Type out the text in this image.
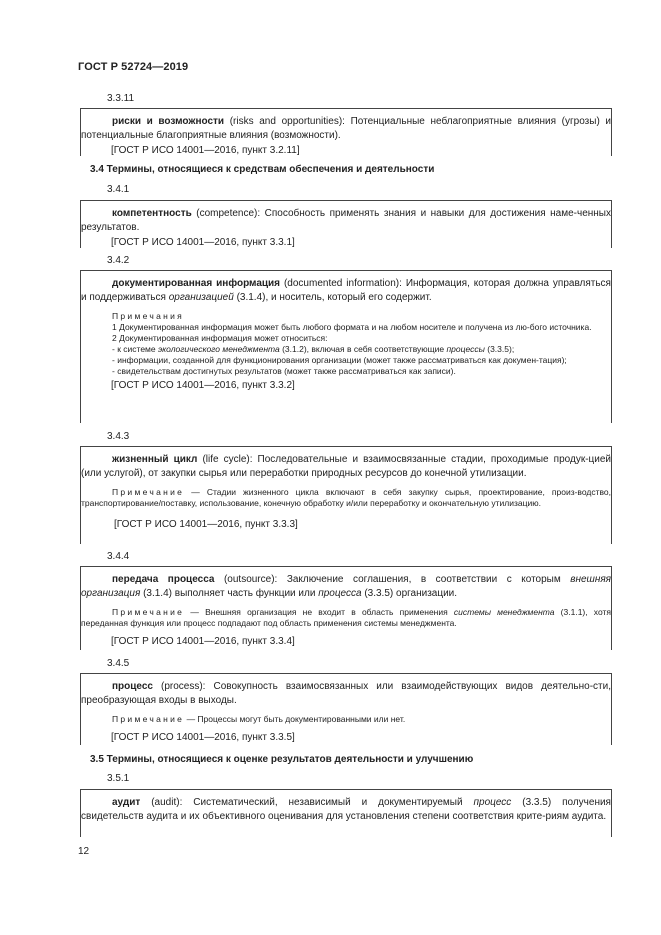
ГОСТ Р 52724—2019
3.3.11

риски и возможности (risks and opportunities): Потенциальные неблагоприятные влияния (угрозы) и потенциальные благоприятные влияния (возможности).

[ГОСТ Р ИСО 14001—2016, пункт 3.2.11]

3.4 Термины, относящиеся к средствам обеспечения и деятельности
3.4.1

компетентность (competence): Способность применять знания и навыки для достижения наме-ченных результатов.

[ГОСТ Р ИСО 14001—2016, пункт 3.3.1]

3.4.2

документированная информация (documented information): Информация, которая должна управляться и поддерживаться организацией (3.1.4), и носитель, который его содержит.

Примечания

1 Документированная информация может быть любого формата и на любом носителе и получена из лю-бого источника.

2 Документированная информация может относиться:

- к системе экологического менеджмента (3.1.2), включая в себя соответствующие процессы (3.3.5);

- информации, созданной для функционирования организации (может также рассматриваться как докумен-тация);

- свидетельствам достигнутых результатов (может также рассматриваться как записи).

[ГОСТ Р ИСО 14001—2016, пункт 3.3.2]

3.4.3

жизненный цикл (life cycle): Последовательные и взаимосвязанные стадии, проходимые продук-цией (или услугой), от закупки сырья или переработки природных ресурсов до конечной утилизации.

Примечание — Стадии жизненного цикла включают в себя закупку сырья, проектирование, произ-водство, транспортирование/поставку, использование, конечную обработку и/или переработку и окончательную утилизацию.

[ГОСТ Р ИСО 14001—2016, пункт 3.3.3]

3.4.4

передача процесса (outsource): Заключение соглашения, в соответствии с которым внешняя организация (3.1.4) выполняет часть функции или процесса (3.3.5) организации.

Примечание — Внешняя организация не входит в область применения системы менеджмента (3.1.1), хотя переданная функция или процесс подпадают под область применения системы менеджмента.

[ГОСТ Р ИСО 14001—2016, пункт 3.3.4]

3.4.5

процесс (process): Совокупность взаимосвязанных или взаимодействующих видов деятельно-сти, преобразующая входы в выходы.

Примечание — Процессы могут быть документированными или нет.

[ГОСТ Р ИСО 14001—2016, пункт 3.3.5]

3.5 Термины, относящиеся к оценке результатов деятельности и улучшению
3.5.1

аудит (audit): Систематический, независимый и документируемый процесс (3.3.5) получения свидетельств аудита и их объективного оценивания для установления степени соответствия крите-риям аудита.

12
